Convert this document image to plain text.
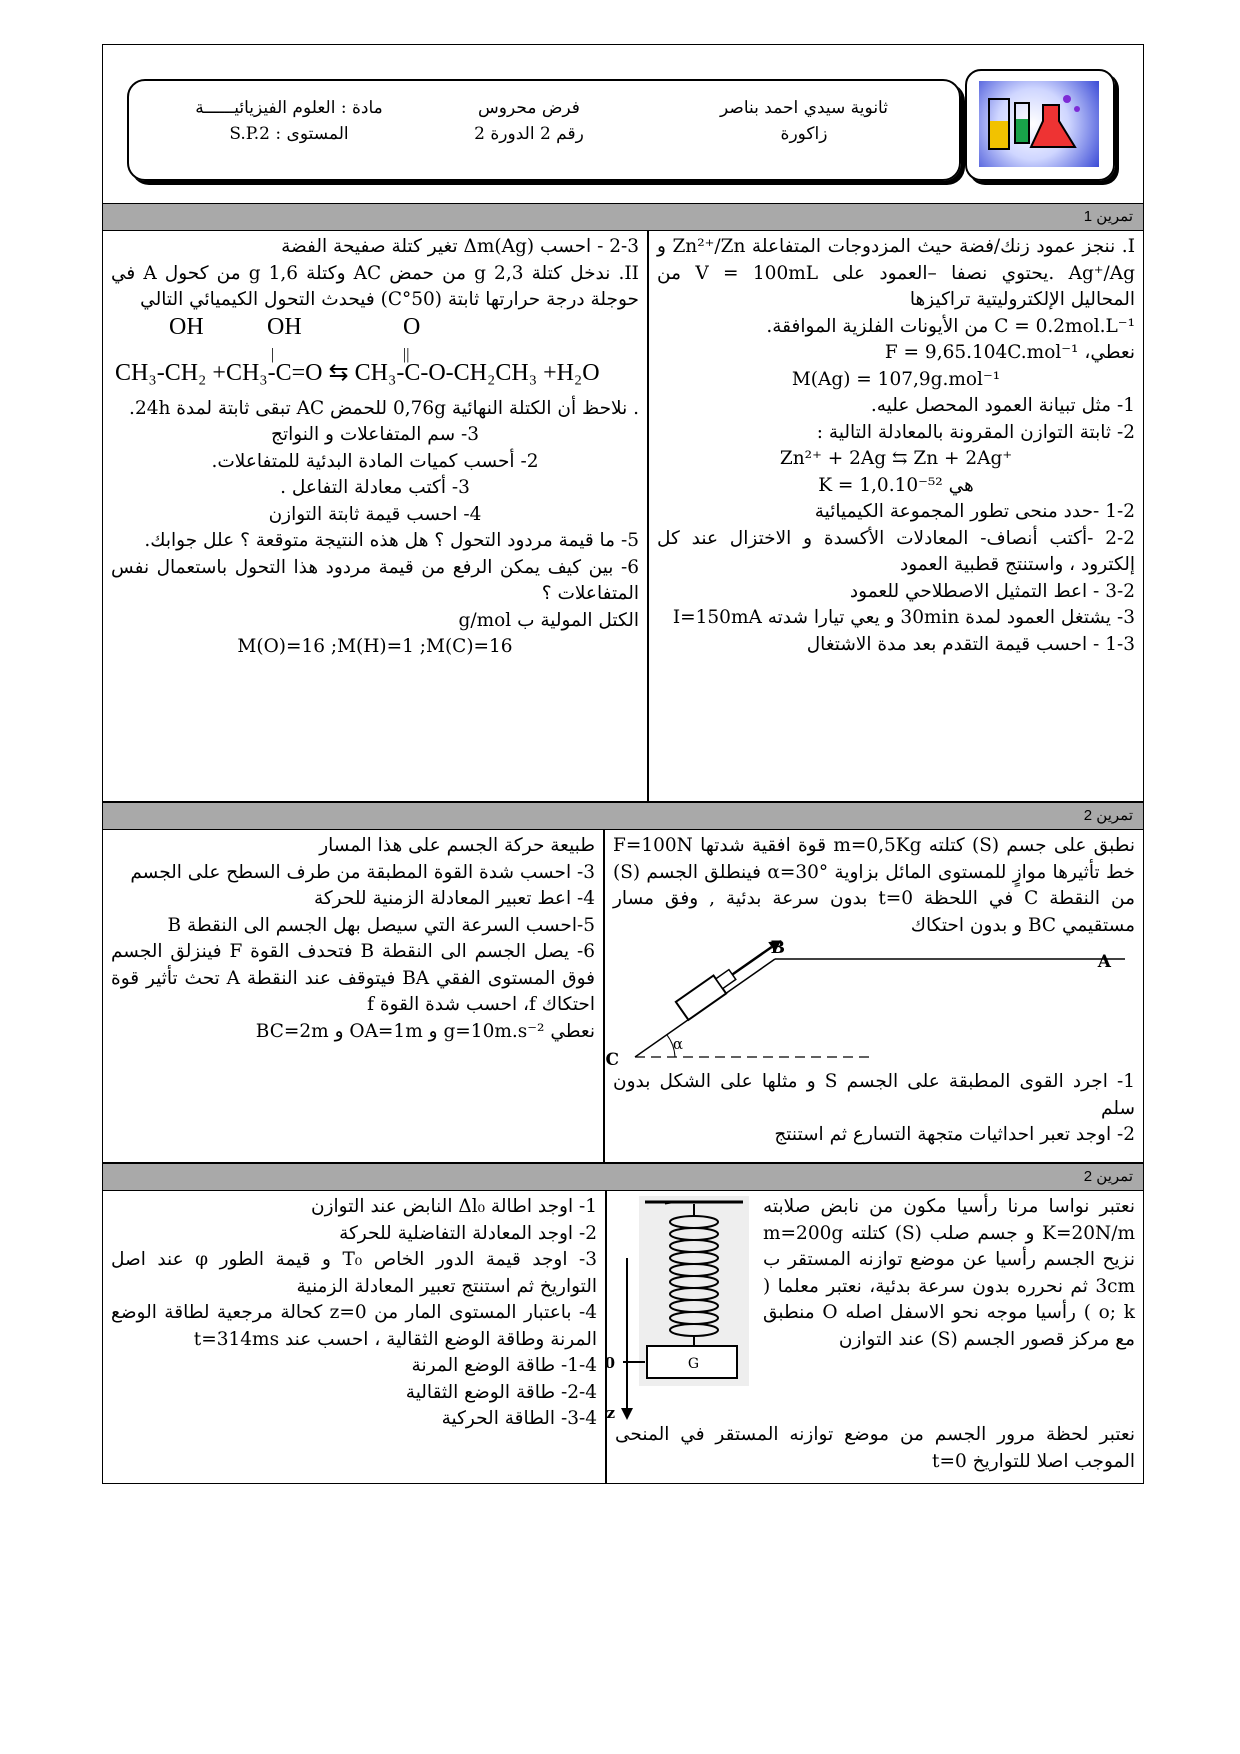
ثانوية سيدي احمد بناصر
زاكورة
فرض محروس
رقم 2 الدورة 2
مادة : العلوم الفيزيائيــــــة
المستوى : S.P.2
تمرين 1

I. ننجز عمود زنك/فضة حيث المزدوجات المتفاعلة ‎Zn²⁺/Zn‎ و ‎Ag⁺/Ag‎ .يحتوي نصفا –العمود على ‎V = 100mL‎ من المحاليل الإلكتروليتية تراكيزها

C = 0.2mol.L⁻¹ من الأيونات الفلزية الموافقة.

نعطي، ‎F = 9,65.104C.mol⁻¹

M(Ag) = 107,9g.mol⁻¹

1- مثل تبيانة العمود المحصل عليه.

2- ثابتة التوازن المقرونة بالمعادلة التالية :

Zn²⁺ + 2Ag ⇆ Zn + 2Ag⁺

هي ‎K = 1,0.10⁻⁵²

1-2 -حدد منحى تطور المجموعة الكيميائية

2-2 -أكتب أنصاف- المعادلات الأكسدة و الاختزال عند كل إلكترود ، واستنتج قطبية العمود

3-2 - اعط التمثيل الاصطلاحي للعمود

3- يشتغل العمود لمدة 30min و يعي تيارا شدته I=150mA

1-3 - احسب قيمة التقدم بعد مدة الاشتغال

2-3 - احسب ‎Δm(Ag)‎ تغير كتلة صفيحة الفضة

II. ندخل كتلة g 2,3 من حمض AC وكتلة 1,6 g من كحول A في حوجلة درجة حرارتها ثابتة (50°C) فيحدث التحول الكيميائي التالي

OH	OH	O
|	||
CH₃-CH₂ +CH₃-C=O ⇆ CH₃-C-O-CH₂CH₃ +H₂O

. نلاحظ أن الكتلة النهائية ‎0,76g‎ للحمض AC تبقى ثابتة لمدة 24h.

3- سم المتفاعلات و النواتج

2- أحسب كميات المادة البدئية للمتفاعلات.

3- أكتب معادلة التفاعل .

4- احسب قيمة ثابتة التوازن

5- ما قيمة مردود التحول ؟ هل هذه النتيجة متوقعة ؟ علل جوابك.

6- بين كيف يمكن الرفع من قيمة مردود هذا التحول باستعمال نفس المتفاعلات ؟

الكتل المولية ب g/mol

M(O)=16 ;M(H)=1 ;M(C)=16

تمرين 2

نطبق على جسم (S) كتلته m=0,5Kg قوة افقية شدتها F=100N خط تأثيرها موازٍ للمستوى المائل بزاوية α=30° فينطلق الجسم (S) من النقطة C في اللحظة t=0 بدون سرعة بدئية , وفق مسار مستقيمي BC و بدون احتكاك

B
A
C
α

1- اجرد القوى المطبقة على الجسم S و مثلها على الشكل بدون سلم

2- اوجد تعبر احداثيات متجهة التسارع ثم استنتج

طبيعة حركة الجسم على هذا المسار

3- احسب شدة القوة المطبقة من طرف السطح على الجسم

4- اعط تعبير المعادلة الزمنية للحركة

5-احسب السرعة التي سيصل بهل الجسم الى النقطة B

6- يصل الجسم الى النقطة B فتحدف القوة F فينزلق الجسم فوق المستوى الفقي BA فيتوقف عند النقطة A تحث تأثير قوة احتكاك f، احسب شدة القوة f

نعطي g=10m.s⁻² و OA=1m و BC=2m

تمرين 2
G
0
z

نعتبر نواسا مرنا رأسيا مكون من نابض صلابته K=20N/m و جسم صلب (S) كتلته m=200g نزيح الجسم رأسيا عن موضع توازنه المستقر ب 3cm ثم نحرره بدون سرعة بدئية، نعتبر معلما ( o; k ) رأسيا موجه نحو الاسفل اصله O منطبق مع مركز قصور الجسم (S) عند التوازن

نعتبر لحظة مرور الجسم من موضع توازنه المستقر في المنحى الموجب اصلا للتواريخ t=0

1- اوجد اطالة ‎Δl₀‎ النابض عند التوازن

2- اوجد المعادلة التفاضلية للحركة

3- اوجد قيمة الدور الخاص ‎T₀‎ و قيمة الطور φ عند اصل التواريخ ثم استنتج تعبير المعادلة الزمنية

4- باعتبار المستوى المار من z=0 كحالة مرجعية لطاقة الوضع المرنة وطاقة الوضع الثقالية ، احسب عند t=314ms

1-4- طاقة الوضع المرنة

2-4- طاقة الوضع الثقالية

3-4- الطاقة الحركية
